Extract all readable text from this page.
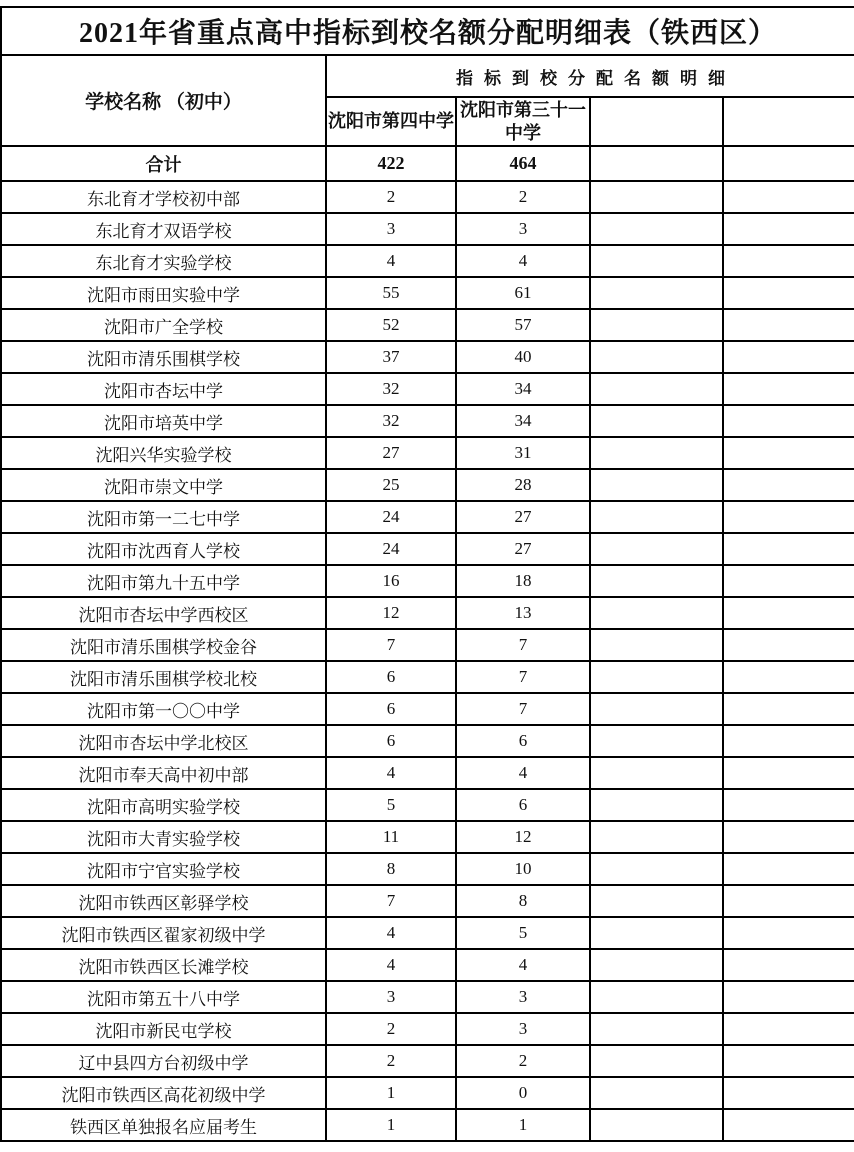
2021年省重点高中指标到校名额分配明细表（铁西区）				
学校名称 （初中）	指标到校分配名额明细			
	沈阳市第四中学	沈阳市第三十一中学		
合计	422	464		
东北育才学校初中部	2	2		
东北育才双语学校	3	3		
东北育才实验学校	4	4		
沈阳市雨田实验中学	55	61		
沈阳市广全学校	52	57		
沈阳市清乐围棋学校	37	40		
沈阳市杏坛中学	32	34		
沈阳市培英中学	32	34		
沈阳兴华实验学校	27	31		
沈阳市崇文中学	25	28		
沈阳市第一二七中学	24	27		
沈阳市沈西育人学校	24	27		
沈阳市第九十五中学	16	18		
沈阳市杏坛中学西校区	12	13		
沈阳市清乐围棋学校金谷	7	7		
沈阳市清乐围棋学校北校	6	7		
沈阳市第一〇〇中学	6	7		
沈阳市杏坛中学北校区	6	6		
沈阳市奉天高中初中部	4	4		
沈阳市高明实验学校	5	6		
沈阳市大青实验学校	11	12		
沈阳市宁官实验学校	8	10		
沈阳市铁西区彰驿学校	7	8		
沈阳市铁西区翟家初级中学	4	5		
沈阳市铁西区长滩学校	4	4		
沈阳市第五十八中学	3	3		
沈阳市新民屯学校	2	3		
辽中县四方台初级中学	2	2		
沈阳市铁西区高花初级中学	1	0		
铁西区单独报名应届考生	1	1		
